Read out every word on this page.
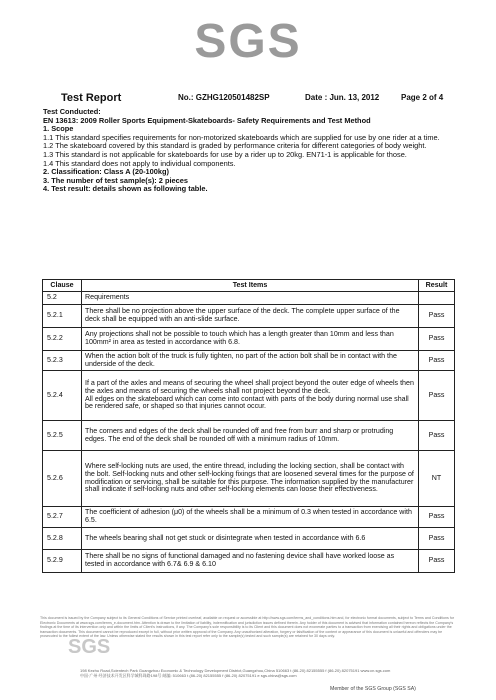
SGS
Test Report	No.: GZHG120501482SP	Date : Jun. 13, 2012	Page 2 of 4

Test Conducted:

EN 13613: 2009 Roller Sports Equipment-Skateboards- Safety Requirements and Test Method

1. Scope

1.1 This standard specifies requirements for non-motorized skateboards which are supplied for use by one rider at a time.

1.2 The skateboard covered by this standard is graded by performance criteria for different categories of body weight.

1.3 This standard is not applicable for skateboards for use by a rider up to 20kg. EN71-1 is applicable for those.

1.4 This standard does not apply to individual components.

2. Classification: Class A (20-100kg)

3. The number of test sample(s): 2 pieces

4. Test result: details shown as following table.

Clause	Test Items	Result
5.2	Requirements	
5.2.1	There shall be no projection above the upper surface of the deck. The complete upper surface of the deck shall be equipped with an anti-slide surface.	Pass
5.2.2	Any projections shall not be possible to touch which has a length greater than 10mm and less than 100mm² in area as tested in accordance with 6.8.	Pass
5.2.3	When the action bolt of the truck is fully tighten, no part of the action bolt shall be in contact with the underside of the deck.	Pass
5.2.4	If a part of the axles and means of securing the wheel shall project beyond the outer edge of wheels then the axles and means of securing the wheels shall not project beyond the deck.
All edges on the skateboard which can come into contact with parts of the body during normal use shall be rendered safe, or shaped so that injuries cannot occur.	Pass
5.2.5	The corners and edges of the deck shall be rounded off and free from burr and sharp or protruding edges. The end of the deck shall be rounded off with a minimum radius of 10mm.	Pass
5.2.6	Where self-locking nuts are used, the entire thread, including the locking section, shall be contact with the bolt. Self-locking nuts and other self-locking fixings that are loosened several times for the purpose of modification or servicing, shall be suitable for this purpose. The information supplied by the manufacturer shall indicate if self-locking nuts and other self-locking elements can loose their effectiveness.	NT
5.2.7	The coefficient of adhesion (μ0) of the wheels shall be a minimum of 0.3 when tested in accordance with 6.5.	Pass
5.2.8	The wheels bearing shall not get stuck or disintegrate when tested in accordance with 6.6	Pass
5.2.9	There shall be no signs of functional damaged and no fastening device shall have worked loose as tested in accordance with 6.7& 6.9 & 6.10	Pass
This document is issued by the Company subject to its General Conditions of Service printed overleaf, available on request or accessible at http://www.sgs.com/terms_and_conditions.htm and, for electronic format documents, subject to Terms and Conditions for Electronic Documents at www.sgs.com/terms_e-document.htm. Attention is drawn to the limitation of liability, indemnification and jurisdiction issues defined therein. Any holder of this document is advised that information contained hereon reflects the Company's findings at the time of its intervention only and within the limits of Client's instructions, if any. The Company's sole responsibility is to its Client and this document does not exonerate parties to a transaction from exercising all their rights and obligations under the transaction documents. This document cannot be reproduced except in full, without prior written approval of the Company. Any unauthorized alteration, forgery or falsification of the content or appearance of this document is unlawful and offenders may be prosecuted to the fullest extent of the law. Unless otherwise stated the results shown in this test report refer only to the sample(s) tested and such sample(s) are retained for 30 days only.
SGS
198 Kezhu Road,Scientech Park Guangzhou Economic & Technology Development District,Guangzhou,China 510663 t (86-20) 82155555 f (86-20) 82075191 www.cn.sgs.com
中国·广州·经济技术开发区科学城科珠路198号 邮编: 510663 t (86-20) 82155555 f (86-20) 82075191 e sgs.china@sgs.com
Member of the SGS Group (SGS SA)
